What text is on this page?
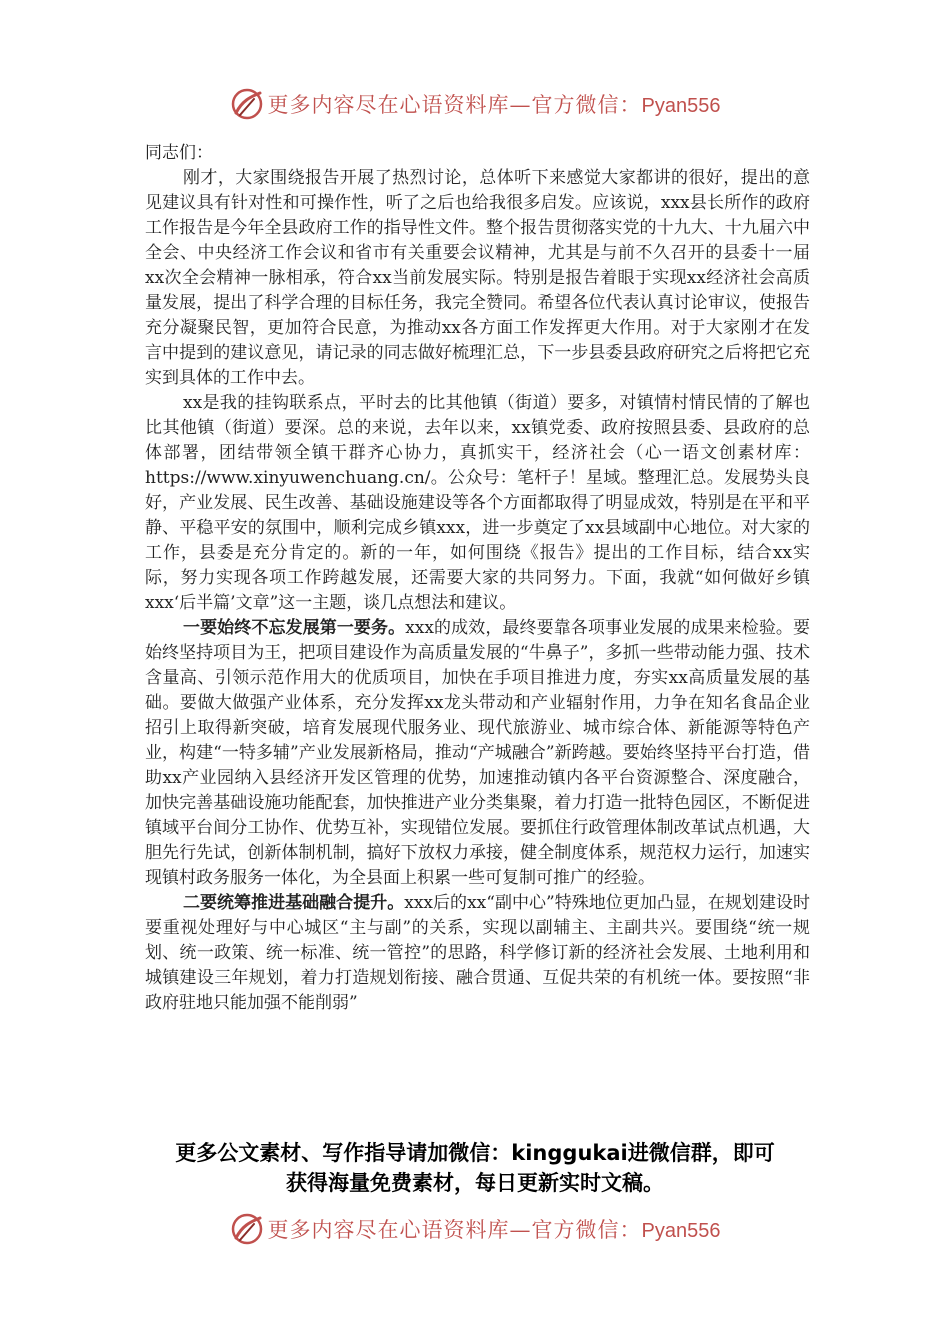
更多内容尽在心语资料库—官方微信：Pyan556

同志们：

刚才，大家围绕报告开展了热烈讨论，总体听下来感觉大家都讲的很好，提出的意见建议具有针对性和可操作性，听了之后也给我很多启发。应该说，xxx县长所作的政府工作报告是今年全县政府工作的指导性文件。整个报告贯彻落实党的十九大、十九届六中全会、中央经济工作会议和省市有关重要会议精神，尤其是与前不久召开的县委十一届xx次全会精神一脉相承，符合xx当前发展实际。特别是报告着眼于实现xx经济社会高质量发展，提出了科学合理的目标任务，我完全赞同。希望各位代表认真讨论审议，使报告充分凝聚民智，更加符合民意，为推动xx各方面工作发挥更大作用。对于大家刚才在发言中提到的建议意见，请记录的同志做好梳理汇总，下一步县委县政府研究之后将把它充实到具体的工作中去。

xx是我的挂钩联系点，平时去的比其他镇（街道）要多，对镇情村情民情的了解也比其他镇（街道）要深。总的来说，去年以来，xx镇党委、政府按照县委、县政府的总体部署，团结带领全镇干群齐心协力，真抓实干，经济社会（心一语文创素材库：https://www.xinyuwenchuang.cn/。公众号：笔杆子！星域。整理汇总。发展势头良好，产业发展、民生改善、基础设施建设等各个方面都取得了明显成效，特别是在平和平静、平稳平安的氛围中，顺利完成乡镇xxx，进一步奠定了xx县域副中心地位。对大家的工作，县委是充分肯定的。新的一年，如何围绕《报告》提出的工作目标，结合xx实际，努力实现各项工作跨越发展，还需要大家的共同努力。下面，我就“如何做好乡镇xxx‘后半篇’文章”这一主题，谈几点想法和建议。

一要始终不忘发展第一要务。xxx的成效，最终要靠各项事业发展的成果来检验。要始终坚持项目为王，把项目建设作为高质量发展的“牛鼻子”，多抓一些带动能力强、技术含量高、引领示范作用大的优质项目，加快在手项目推进力度，夯实xx高质量发展的基础。要做大做强产业体系，充分发挥xx龙头带动和产业辐射作用，力争在知名食品企业招引上取得新突破，培育发展现代服务业、现代旅游业、城市综合体、新能源等特色产业，构建“一特多辅”产业发展新格局，推动“产城融合”新跨越。要始终坚持平台打造，借助xx产业园纳入县经济开发区管理的优势，加速推动镇内各平台资源整合、深度融合，加快完善基础设施功能配套，加快推进产业分类集聚，着力打造一批特色园区，不断促进镇域平台间分工协作、优势互补，实现错位发展。要抓住行政管理体制改革试点机遇，大胆先行先试，创新体制机制，搞好下放权力承接，健全制度体系，规范权力运行，加速实现镇村政务服务一体化，为全县面上积累一些可复制可推广的经验。

二要统筹推进基础融合提升。xxx后的xx“副中心”特殊地位更加凸显，在规划建设时要重视处理好与中心城区“主与副”的关系，实现以副辅主、主副共兴。要围绕“统一规划、统一政策、统一标准、统一管控”的思路，科学修订新的经济社会发展、土地利用和城镇建设三年规划，着力打造规划衔接、融合贯通、互促共荣的有机统一体。要按照“非政府驻地只能加强不能削弱”

更多公文素材、写作指导请加微信：kinggukai进微信群，即可
获得海量免费素材，每日更新实时文稿。
更多内容尽在心语资料库—官方微信：Pyan556
